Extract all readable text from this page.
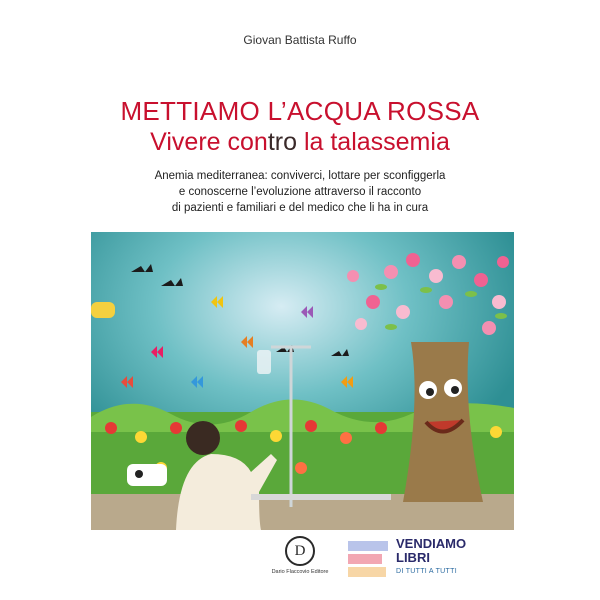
Giovan Battista Ruffo
METTIAMO L’ACQUA ROSSA
Vivere contro la talassemia
Anemia mediterranea: conviverci, lottare per sconfiggerla
e conoscerne l’evoluzione attraverso il racconto
di pazienti e familiari e del medico che li ha in cura
D
Dario Flaccovio Editore
VENDIAMO
LIBRI
DI TUTTI A TUTTI
